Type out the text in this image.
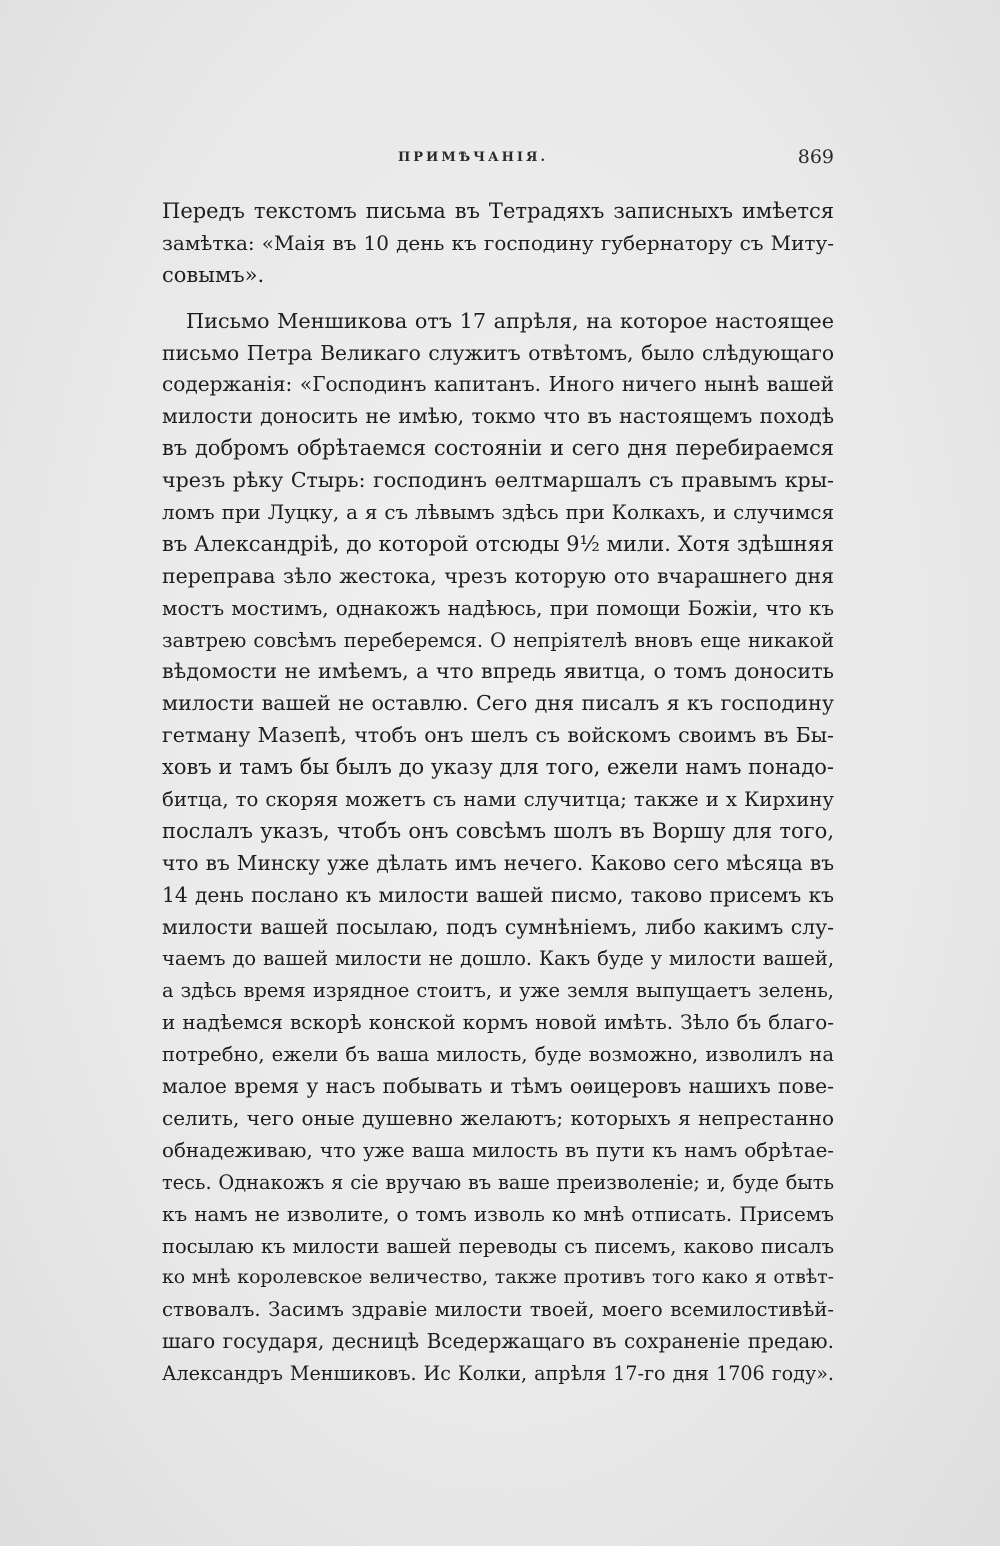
ПРИМѢЧАНІЯ.	869
Передъ текстомъ письма въ Тетрадяхъ записныхъ имѣется
замѣтка: «Маія въ 10 день къ господину губернатору съ Миту-
совымъ».
Письмо Меншикова отъ 17 апрѣля, на которое настоящее
письмо Петра Великаго служитъ отвѣтомъ, было слѣдующаго
содержанія: «Господинъ капитанъ. Иного ничего нынѣ вашей
милости доносить не имѣю, токмо что въ настоящемъ походѣ
въ добромъ обрѣтаемся состояніи и сего дня перебираемся
чрезъ рѣку Стырь: господинъ ѳелтмаршалъ съ правымъ кры-
ломъ при Луцку, а я съ лѣвымъ здѣсь при Колкахъ, и случимся
въ Александріѣ, до которой отсюды 9½ мили. Хотя здѣшняя
переправа зѣло жестока, чрезъ которую ото вчарашнего дня
мостъ мостимъ, однакожъ надѣюсь, при помощи Божіи, что къ
завтрею совсѣмъ переберемся. О непріятелѣ вновъ еще никакой
вѣдомости не имѣемъ, а что впредь явитца, о томъ доносить
милости вашей не оставлю. Сего дня писалъ я къ господину
гетману Мазепѣ, чтобъ онъ шелъ съ войскомъ своимъ въ Бы-
ховъ и тамъ бы былъ до указу для того, ежели намъ понадо-
битца, то скоряя можетъ съ нами случитца; также и х Кирхину
послалъ указъ, чтобъ онъ совсѣмъ шолъ въ Воршу для того,
что въ Минску уже дѣлать имъ нечего. Каково сего мѣсяца въ
14 день послано къ милости вашей писмо, таково присемъ къ
милости вашей посылаю, подъ сумнѣніемъ, либо какимъ слу-
чаемъ до вашей милости не дошло. Какъ буде у милости вашей,
а здѣсь время изрядное стоитъ, и уже земля выпущаетъ зелень,
и надѣемся вскорѣ конской кормъ новой имѣть. Зѣло бъ благо-
потребно, ежели бъ ваша милость, буде возможно, изволилъ на
малое время у насъ побывать и тѣмъ оѳицеровъ нашихъ пове-
селить, чего оные душевно желаютъ; которыхъ я непрестанно
обнадеживаю, что уже ваша милость въ пути къ намъ обрѣтае-
тесь. Однакожъ я сіе вручаю въ ваше преизволеніе; и, буде быть
къ намъ не изволите, о томъ изволь ко мнѣ отписать. Присемъ
посылаю къ милости вашей переводы съ писемъ, каково писалъ
ко мнѣ королевское величество, также противъ того како я отвѣт-
ствовалъ. Засимъ здравіе милости твоей, моего всемилостивѣй-
шаго государя, десницѣ Вседержащаго въ сохраненіе предаю.
Александръ Меншиковъ. Ис Колки, апрѣля 17-го дня 1706 году».
